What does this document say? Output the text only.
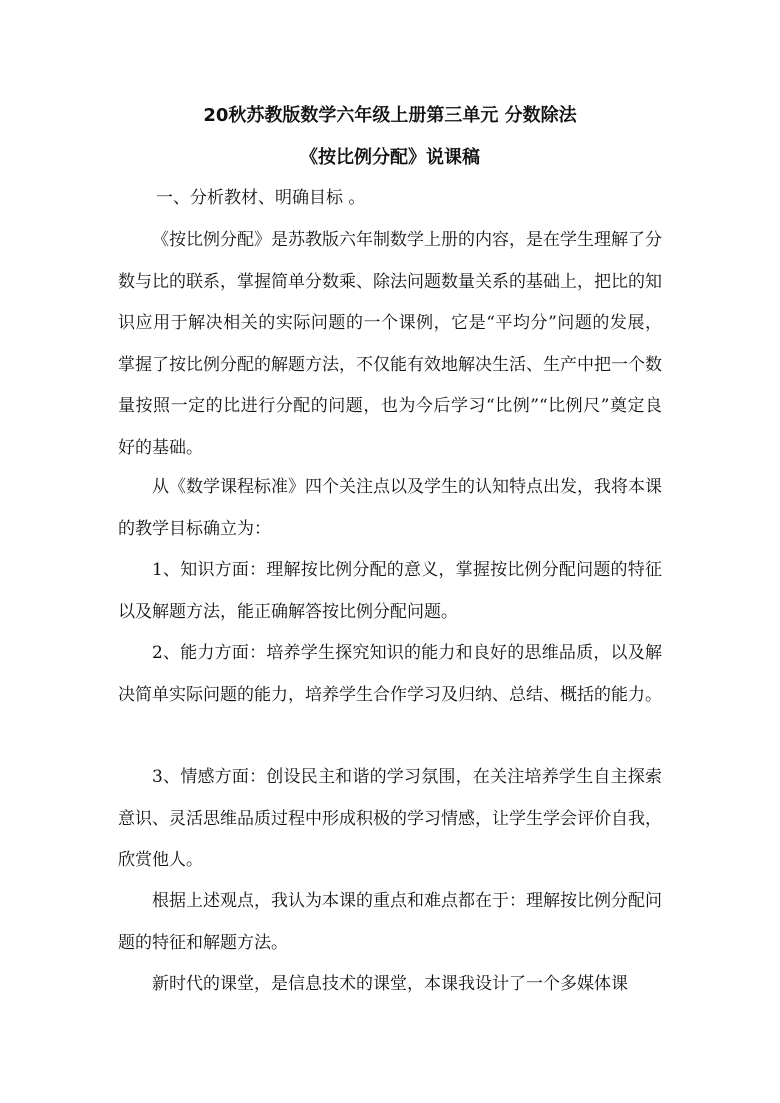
20秋苏教版数学六年级上册第三单元 分数除法
《按比例分配》说课稿
一、分析教材、明确目标 。

《按比例分配》是苏教版六年制数学上册的内容，是在学生理解了分数与比的联系，掌握简单分数乘、除法问题数量关系的基础上，把比的知识应用于解决相关的实际问题的一个课例，它是“平均分”问题的发展，掌握了按比例分配的解题方法，不仅能有效地解决生活、生产中把一个数量按照一定的比进行分配的问题，也为今后学习“比例”“比例尺”奠定良好的基础。

从《数学课程标准》四个关注点以及学生的认知特点出发，我将本课的教学目标确立为：

1、知识方面：理解按比例分配的意义，掌握按比例分配问题的特征以及解题方法，能正确解答按比例分配问题。

2、能力方面：培养学生探究知识的能力和良好的思维品质，以及解决简单实际问题的能力，培养学生合作学习及归纳、总结、概括的能力。

3、情感方面：创设民主和谐的学习氛围，在关注培养学生自主探索意识、灵活思维品质过程中形成积极的学习情感，让学生学会评价自我，欣赏他人。

根据上述观点，我认为本课的重点和难点都在于：理解按比例分配问题的特征和解题方法。

新时代的课堂，是信息技术的课堂，本课我设计了一个多媒体课
